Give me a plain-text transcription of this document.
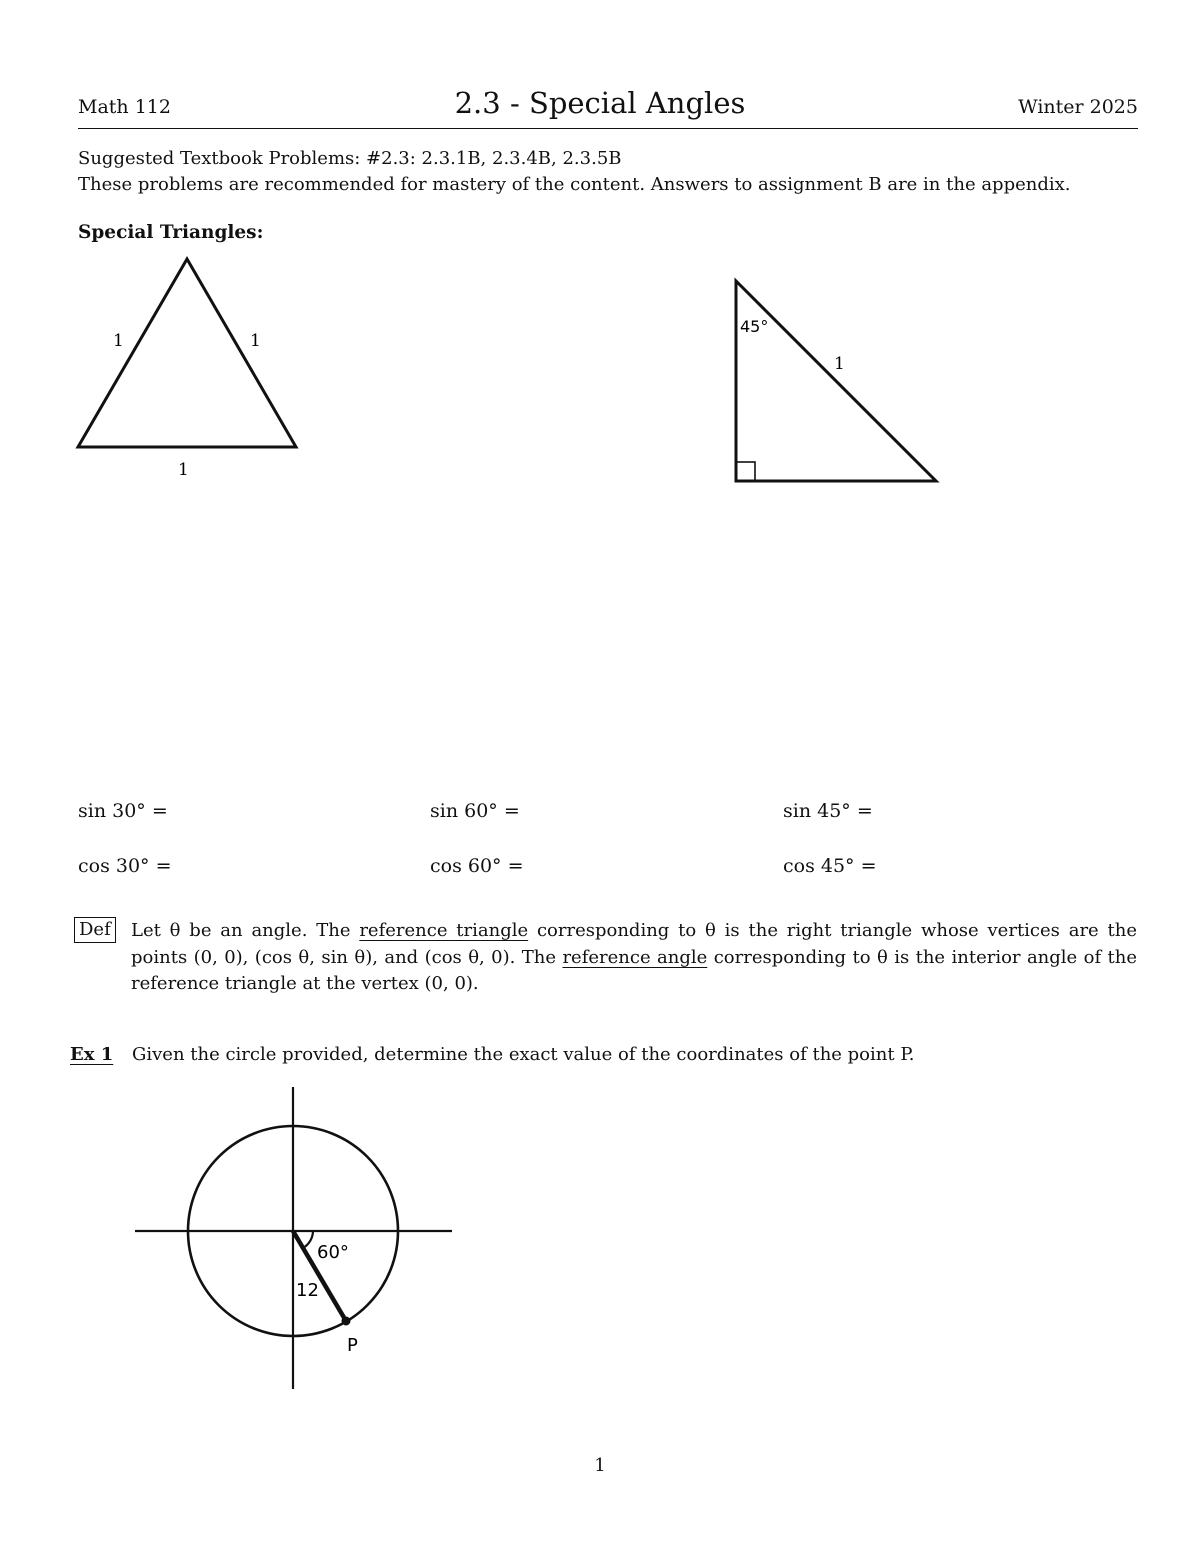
Math 112	2.3 - Special Angles	Winter 2025
Suggested Textbook Problems: #2.3: 2.3.1B, 2.3.4B, 2.3.5B
These problems are recommended for mastery of the content. Answers to assignment B are in the appendix.
Special Triangles:
1	1
1
45°
1
sin 30° =	sin 60° =	sin 45° =
cos 30° =	cos 60° =	cos 45° =
Def Let θ be an angle. The reference triangle corresponding to θ is the right triangle whose vertices are the points (0, 0), (cos θ, sin θ), and (cos θ, 0). The reference angle corresponding to θ is the interior angle of the reference triangle at the vertex (0, 0).
Ex 1 Given the circle provided, determine the exact value of the coordinates of the point P.
60°
12
P
1
